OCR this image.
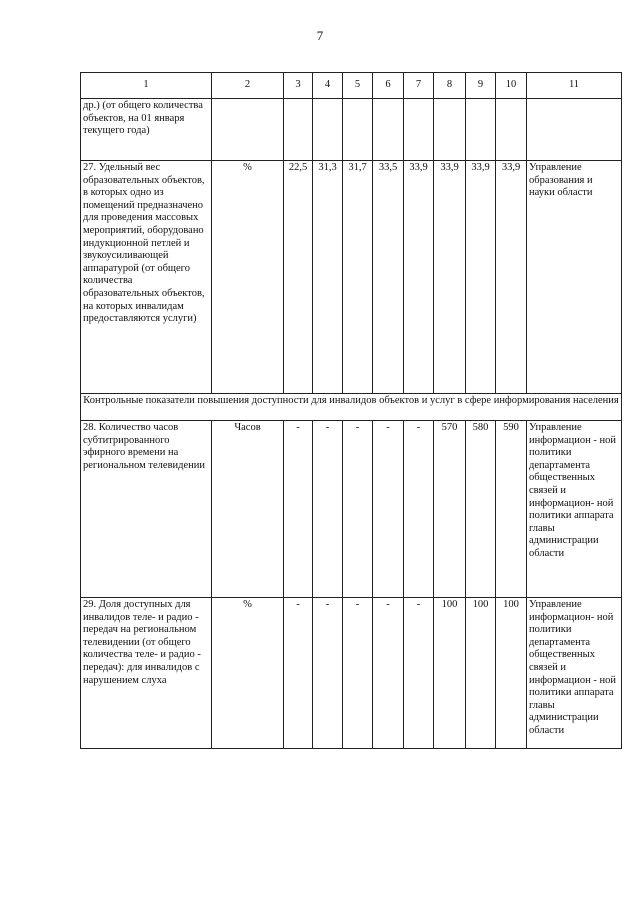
7
1	2	3	4	5	6	7	8	9	10	11
др.) (от общего количества объектов, на 01 января текущего года)										
27. Удельный вес образовательных объектов, в которых одно из помещений предназначено для проведения массовых мероприятий, оборудовано индукционной петлей и звукоусиливающей аппаратурой (от общего количества образовательных объектов, на которых инвалидам предоставляются услуги)	%	22,5	31,3	31,7	33,5	33,9	33,9	33,9	33,9	Управление образования и науки области
Контрольные показатели повышения доступности для инвалидов объектов и услуг в сфере информирования населения										
28. Количество часов субтитрированного эфирного времени на региональном телевидении	Часов	-	-	-	-	-	570	580	590	Управление информацион - ной политики департамента общественных связей и информацион- ной политики аппарата главы администрации области
29. Доля доступных для инвалидов теле- и радио - передач на региональном телевидении (от общего количества теле- и радио - передач): для инвалидов с нарушением слуха	%	-	-	-	-	-	100	100	100	Управление информацион- ной политики департамента общественных связей и информацион - ной политики аппарата главы администрации области
